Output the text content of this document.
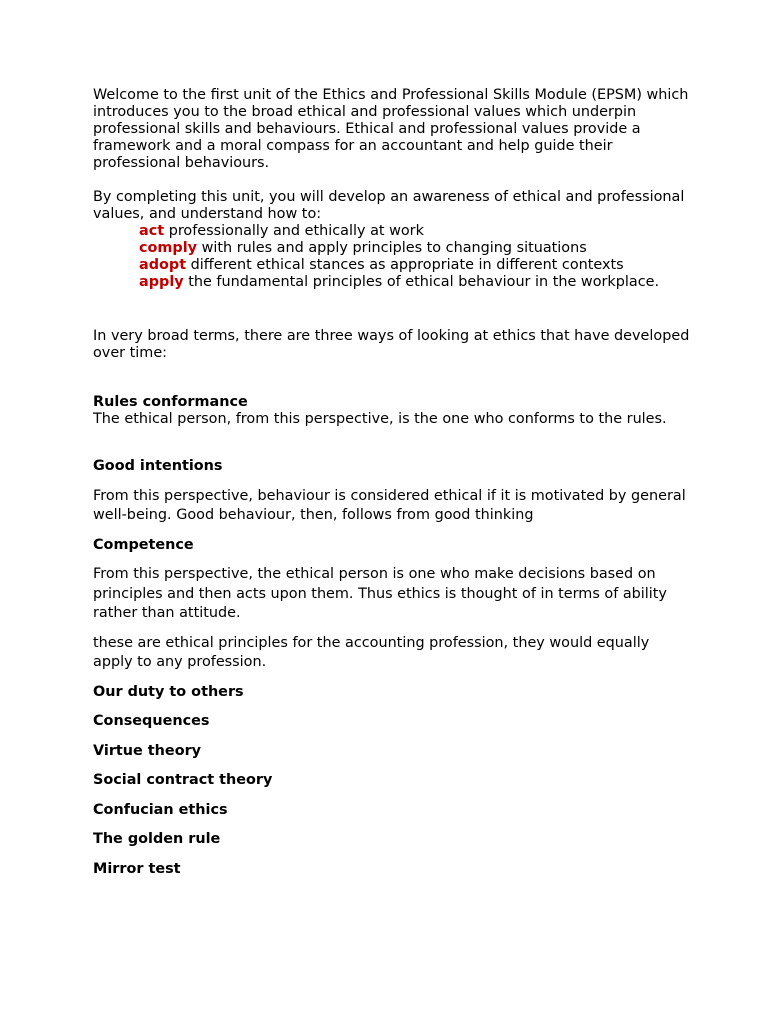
Welcome to the first unit of the Ethics and Professional Skills Module (EPSM) which introduces you to the broad ethical and professional values which underpin professional skills and behaviours. Ethical and professional values provide a framework and a moral compass for an accountant and help guide their professional behaviours.

By completing this unit, you will develop an awareness of ethical and professional values, and understand how to:

act professionally and ethically at work

comply with rules and apply principles to changing situations

adopt different ethical stances as appropriate in different contexts

apply the fundamental principles of ethical behaviour in the workplace.

In very broad terms, there are three ways of looking at ethics that have developed over time:

Rules conformance

The ethical person, from this perspective, is the one who conforms to the rules.

Good intentions

From this perspective, behaviour is considered ethical if it is motivated by general well-being. Good behaviour, then, follows from good thinking

Competence

From this perspective, the ethical person is one who make decisions based on principles and then acts upon them. Thus ethics is thought of in terms of ability rather than attitude.

these are ethical principles for the accounting profession, they would equally apply to any profession.

Our duty to others

Consequences

Virtue theory

Social contract theory

Confucian ethics

The golden rule

Mirror test
